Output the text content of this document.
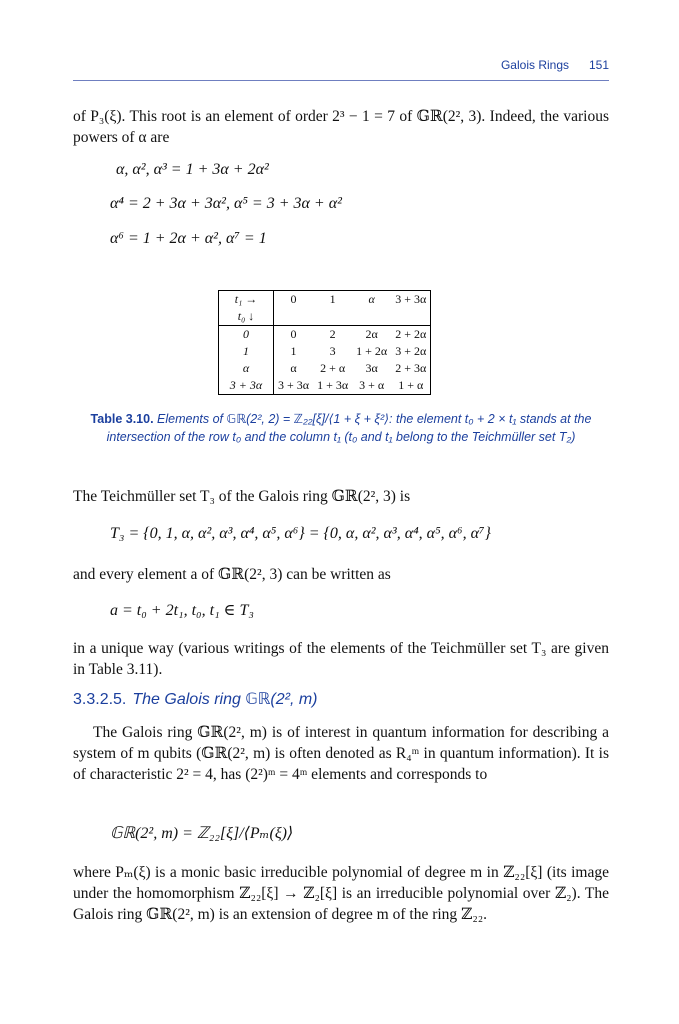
Galois Rings 151

of P₃(ξ). This root is an element of order 2³ − 1 = 7 of 𝔾ℝ(2², 3). Indeed, the various powers of α are

α, α², α³ = 1 + 3α + 2α²

α⁴ = 2 + 3α + 3α², α⁵ = 3 + 3α + α²

α⁶ = 1 + 2α + α², α⁷ = 1

t₁ →	0	1	α	3 + 3α
t₀ ↓				
0	0	2	2α	2 + 2α
1	1	3	1 + 2α	3 + 2α
α	α	2 + α	3α	2 + 3α
3 + 3α	3 + 3α	1 + 3α	3 + α	1 + α

Table 3.10. Elements of 𝔾ℝ(2², 2) = ℤ₂₂[ξ]/⟨1 + ξ + ξ²⟩: the element t₀ + 2 × t₁ stands at the intersection of the row t₀ and the column t₁ (t₀ and t₁ belong to the Teichmüller set T₂)

The Teichmüller set T₃ of the Galois ring 𝔾ℝ(2², 3) is

T₃ = {0, 1, α, α², α³, α⁴, α⁵, α⁶} = {0, α, α², α³, α⁴, α⁵, α⁶, α⁷}

and every element a of 𝔾ℝ(2², 3) can be written as

a = t₀ + 2t₁, t₀, t₁ ∈ T₃

in a unique way (various writings of the elements of the Teichmüller set T₃ are given in Table 3.11).

3.3.2.5. The Galois ring 𝔾ℝ(2², m)

The Galois ring 𝔾ℝ(2², m) is of interest in quantum information for describing a system of m qubits (𝔾ℝ(2², m) is often denoted as R₄ᵐ in quantum information). It is of characteristic 2² = 4, has (2²)ᵐ = 4ᵐ elements and corresponds to

𝔾ℝ(2², m) = ℤ₂₂[ξ]/⟨Pₘ(ξ)⟩

where Pₘ(ξ) is a monic basic irreducible polynomial of degree m in ℤ₂₂[ξ] (its image under the homomorphism ℤ₂₂[ξ] → ℤ₂[ξ] is an irreducible polynomial over ℤ₂). The Galois ring 𝔾ℝ(2², m) is an extension of degree m of the ring ℤ₂₂.
